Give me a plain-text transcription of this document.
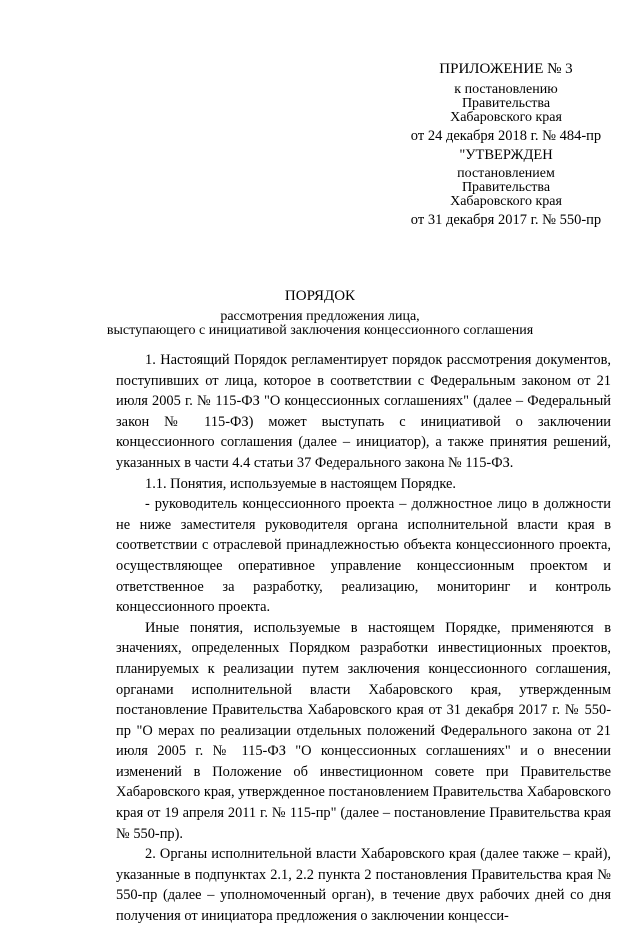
ПРИЛОЖЕНИЕ № 3
к постановлению
Правительства
Хабаровского края
от 24 декабря 2018 г. № 484-пр
"УТВЕРЖДЕН
постановлением
Правительства
Хабаровского края
от 31 декабря 2017 г. № 550-пр
ПОРЯДОК
рассмотрения предложения лица,
выступающего с инициативой заключения концессионного соглашения

1. Настоящий Порядок регламентирует порядок рассмотрения документов, поступивших от лица, которое в соответствии с Федеральным законом от 21 июля 2005 г. № 115-ФЗ "О концессионных соглашениях" (далее – Федеральный закон № 115-ФЗ) может выступать с инициативой о заключении концессионного соглашения (далее – инициатор), а также принятия решений, указанных в части 4.4 статьи 37 Федерального закона № 115-ФЗ.

1.1. Понятия, используемые в настоящем Порядке.

- руководитель концессионного проекта – должностное лицо в должности не ниже заместителя руководителя органа исполнительной власти края в соответствии с отраслевой принадлежностью объекта концессионного проекта, осуществляющее оперативное управление концессионным проектом и ответственное за разработку, реализацию, мониторинг и контроль концессионного проекта.

Иные понятия, используемые в настоящем Порядке, применяются в значениях, определенных Порядком разработки инвестиционных проектов, планируемых к реализации путем заключения концессионного соглашения, органами исполнительной власти Хабаровского края, утвержденным постановление Правительства Хабаровского края от 31 декабря 2017 г. № 550-пр "О мерах по реализации отдельных положений Федерального закона от 21 июля 2005 г. № 115-ФЗ "О концессионных соглашениях" и о внесении изменений в Положение об инвестиционном совете при Правительстве Хабаровского края, утвержденное постановлением Правительства Хабаровского края от 19 апреля 2011 г. № 115-пр" (далее – постановление Правительства края № 550-пр).

2. Органы исполнительной власти Хабаровского края (далее также – край), указанные в подпунктах 2.1, 2.2 пункта 2 постановления Правительства края № 550-пр (далее – уполномоченный орган), в течение двух рабочих дней со дня получения от инициатора предложения о заключении концесси-
